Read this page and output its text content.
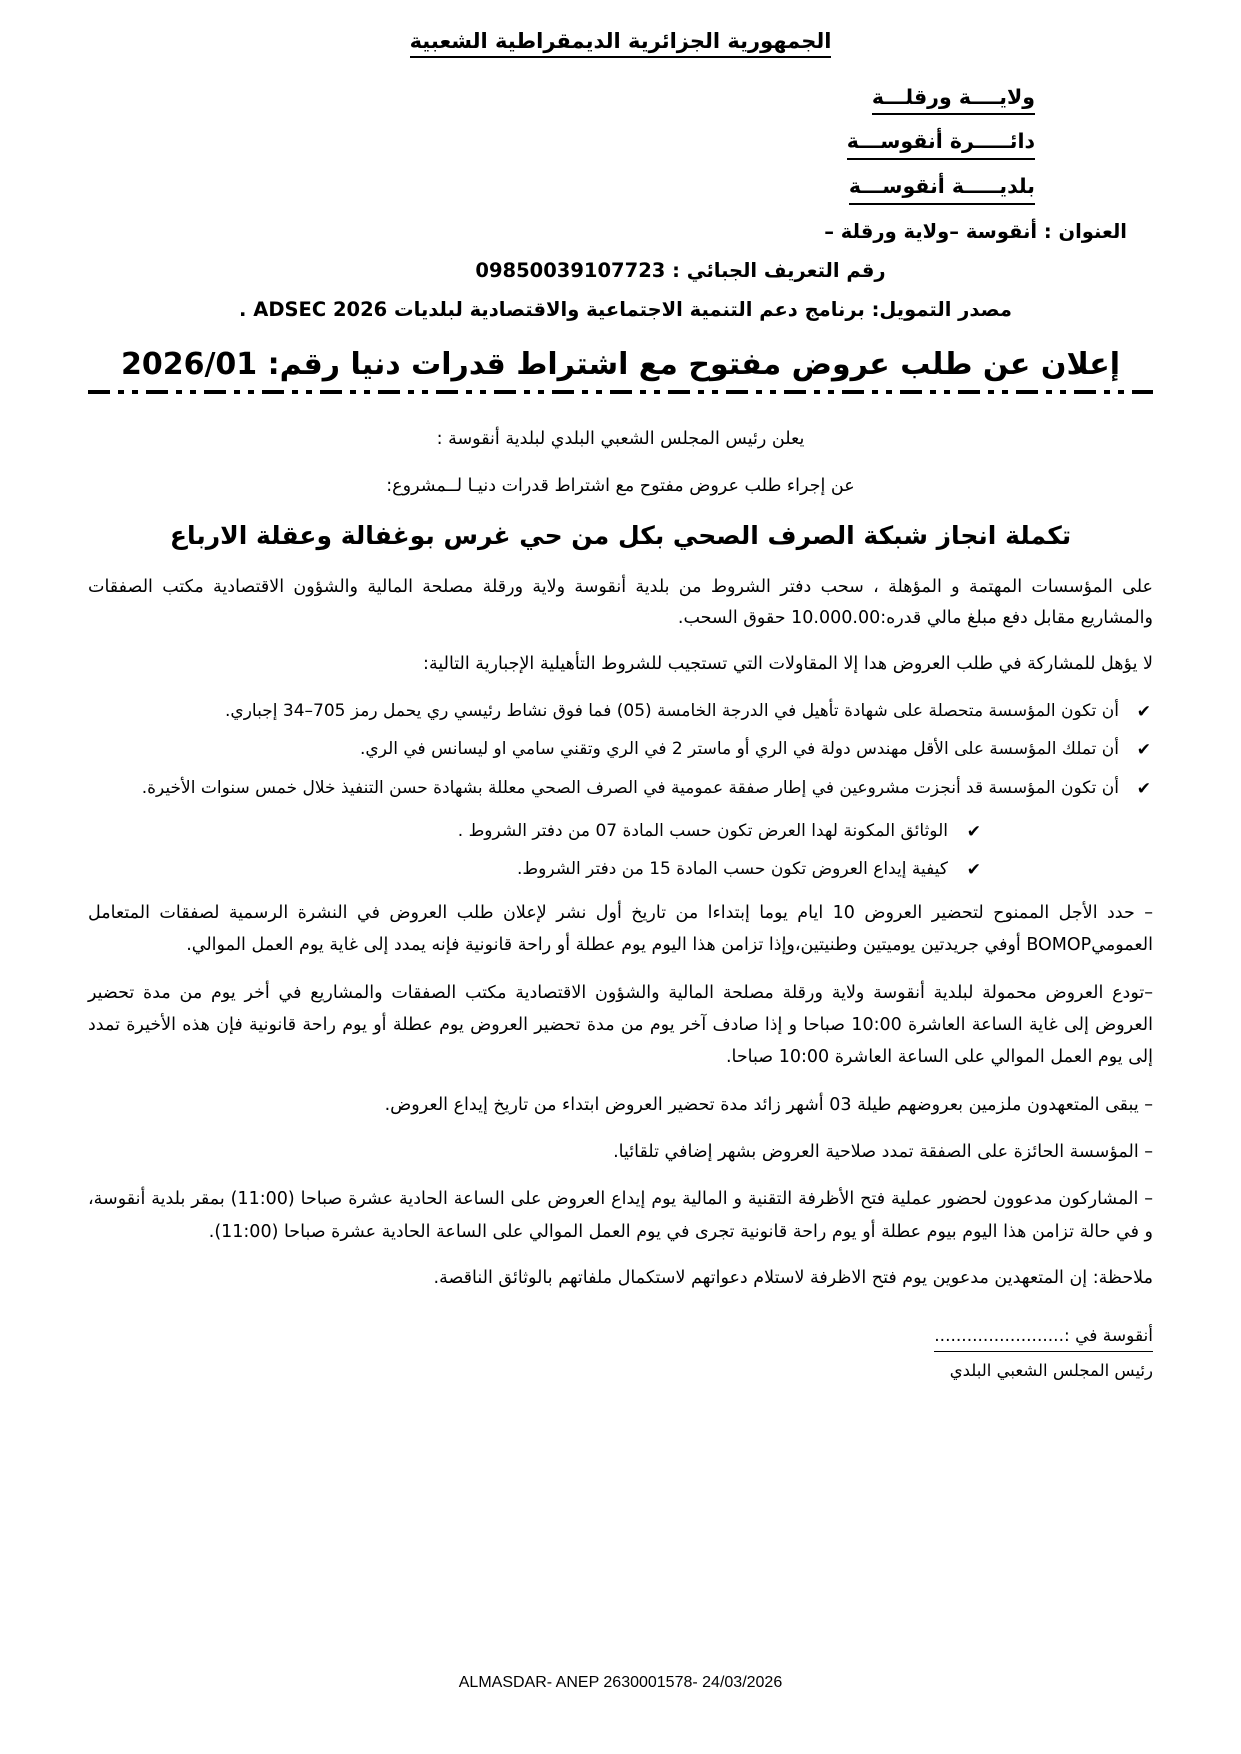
الجمهورية الجزائرية الديمقراطية الشعبية
ولايــــة ورقلـــة
دائـــــرة أنقوســـة
بلديـــــة أنقوســـة
العنوان : أنقوسة –ولاية ورقلة –
رقم التعريف الجبائي : 09850039107723
مصدر التمويل: برنامج دعم التنمية الاجتماعية والاقتصادية لبلديات ADSEC 2026 .
إعلان عن طلب عروض مفتوح مع اشتراط قدرات دنيا رقم: 2026/01

يعلن رئيس المجلس الشعبي البلدي لبلدية أنقوسة :

عن إجراء طلب عروض مفتوح مع اشتراط قدرات دنيـا لــمشروع:

تكملة انجاز شبكة الصرف الصحي بكل من حي غرس بوغفالة وعقلة الارباع

على المؤسسات المهتمة و المؤهلة ، سحب دفتر الشروط من بلدية أنقوسة ولاية ورقلة مصلحة المالية والشؤون الاقتصادية مكتب الصفقات والمشاريع مقابل دفع مبلغ مالي قدره:10.000.00 حقوق السحب.

لا يؤهل للمشاركة في طلب العروض هدا إلا المقاولات التي تستجيب للشروط التأهيلية الإجبارية التالية:

✔
أن تكون المؤسسة متحصلة على شهادة تأهيل في الدرجة الخامسة (05) فما فوق نشاط رئيسي ري يحمل رمز 705–34 إجباري.
✔
أن تملك المؤسسة على الأقل مهندس دولة في الري أو ماستر 2 في الري وتقني سامي او ليسانس في الري.
✔
أن تكون المؤسسة قد أنجزت مشروعين في إطار صفقة عمومية في الصرف الصحي معللة بشهادة حسن التنفيذ خلال خمس سنوات الأخيرة.
✔
الوثائق المكونة لهدا العرض تكون حسب المادة 07 من دفتر الشروط .
✔
كيفية إيداع العروض تكون حسب المادة 15 من دفتر الشروط.

– حدد الأجل الممنوح لتحضير العروض 10 ايام يوما إبتداءا من تاريخ أول نشر لإعلان طلب العروض في النشرة الرسمية لصفقات المتعامل العموميBOMOP أوفي جريدتين يوميتين وطنيتين،وإذا تزامن هذا اليوم يوم عطلة أو راحة قانونية فإنه يمدد إلى غاية يوم العمل الموالي.

–تودع العروض محمولة لبلدية أنقوسة ولاية ورقلة مصلحة المالية والشؤون الاقتصادية مكتب الصفقات والمشاريع في أخر يوم من مدة تحضير العروض إلى غاية الساعة العاشرة 10:00 صباحا و إذا صادف آخر يوم من مدة تحضير العروض يوم عطلة أو يوم راحة قانونية فإن هذه الأخيرة تمدد إلى يوم العمل الموالي على الساعة العاشرة 10:00 صباحا.

– يبقى المتعهدون ملزمين بعروضهم طيلة 03 أشهر زائد مدة تحضير العروض ابتداء من تاريخ إيداع العروض.

– المؤسسة الحائزة على الصفقة تمدد صلاحية العروض بشهر إضافي تلقائيا.

– المشاركون مدعوون لحضور عملية فتح الأظرفة التقنية و المالية يوم إيداع العروض على الساعة الحادية عشرة صباحا (11:00) بمقر بلدية أنقوسة، و في حالة تزامن هذا اليوم بيوم عطلة أو يوم راحة قانونية تجرى في يوم العمل الموالي على الساعة الحادية عشرة صباحا (11:00).

ملاحظة: إن المتعهدين مدعوين يوم فتح الاظرفة لاستلام دعواتهم لاستكمال ملفاتهم بالوثائق الناقصة.

أنقوسة في :........................
رئيس المجلس الشعبي البلدي
ALMASDAR- ANEP 2630001578- 24/03/2026
